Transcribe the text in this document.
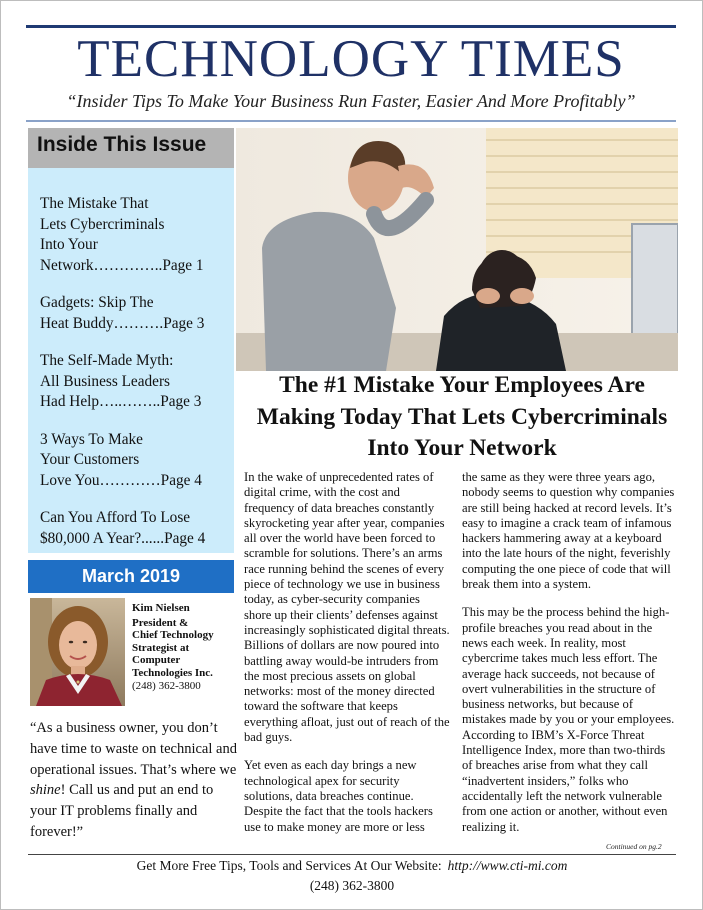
TECHNOLOGY TIMES
“Insider Tips To Make Your Business Run Faster, Easier And More Profitably”
Inside This Issue
The Mistake That
Lets Cybercriminals
Into Your
Network…………..Page 1
Gadgets: Skip The
Heat Buddy……….Page 3
The Self-Made Myth:
All Business Leaders
Had Help…..……..Page 3
3 Ways To Make
Your Customers
Love You…………Page 4
Can You Afford To Lose
$80,000 A Year?......Page 4
March 2019
Kim Nielsen
President &
Chief Technology
Strategist at
Computer
Technologies Inc.
(248) 362-3800
“As a business owner, you don’t have time to waste on technical and operational issues. That’s where we shine! Call us and put an end to your IT problems finally and forever!”
The #1 Mistake Your Employees Are Making Today That Lets Cybercriminals Into Your Network

In the wake of unprecedented rates of digital crime, with the cost and frequency of data breaches constantly skyrocketing year after year, companies all over the world have been forced to scramble for solutions. There’s an arms race running behind the scenes of every piece of technology we use in business today, as cyber-security companies shore up their clients’ defenses against increasingly sophisticated digital threats. Billions of dollars are now poured into battling away would-be intruders from the most precious assets on global networks: most of the money directed toward the software that keeps everything afloat, just out of reach of the bad guys.

Yet even as each day brings a new technological apex for security solutions, data breaches continue. Despite the fact that the tools hackers use to make money are more or less

the same as they were three years ago, nobody seems to question why companies are still being hacked at record levels. It’s easy to imagine a crack team of infamous hackers hammering away at a keyboard into the late hours of the night, feverishly computing the one piece of code that will break them into a system.

This may be the process behind the high-profile breaches you read about in the news each week. In reality, most cybercrime takes much less effort. The average hack succeeds, not because of overt vulnerabilities in the structure of business networks, but because of mistakes made by you or your employees. According to IBM’s X-Force Threat Intelligence Index, more than two-thirds of breaches arise from what they call “inadvertent insiders,” folks who accidentally left the network vulnerable from one action or another, without even realizing it.

Continued on pg.2
Get More Free Tips, Tools and Services At Our Website: http://www.cti-mi.com
(248) 362-3800
